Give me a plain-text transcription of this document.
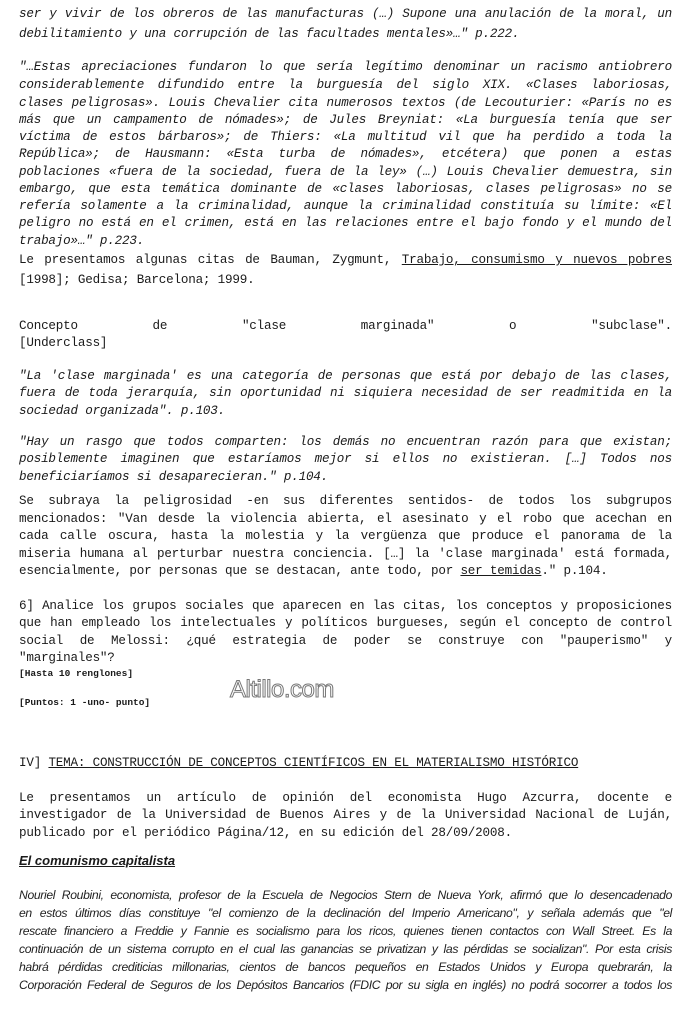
ser y vivir de los obreros de las manufacturas (…) Supone una anulación de la moral, un
debilitamiento y una corrupción de las facultades mentales»…" p.222.
"…Estas apreciaciones fundaron lo que sería legítimo denominar un racismo antiobrero
considerablemente difundido entre la burguesía del siglo XIX. «Clases laboriosas,
clases peligrosas». Louis Chevalier cita numerosos textos (de Lecouturier: «París no es
más que un campamento de nómades»; de Jules Breyniat: «La burguesía tenía que ser
víctima de estos bárbaros»; de Thiers: «La multitud vil que ha perdido a toda la
República»; de Hausmann: «Esta turba de nómades», etcétera) que ponen a estas
poblaciones «fuera de la sociedad, fuera de la ley» (…) Louis Chevalier demuestra, sin
embargo, que esta temática dominante de «clases laboriosas, clases peligrosas» no se
refería solamente a la criminalidad, aunque la criminalidad constituía su límite: «El
peligro no está en el crimen, está en las relaciones entre el bajo fondo y el mundo del
trabajo»…" p.223.
Le presentamos algunas citas de Bauman, Zygmunt, Trabajo, consumismo y nuevos pobres
[1998]; Gedisa; Barcelona; 1999.
Concepto de "clase marginada" o "subclase".
[Underclass]
"La 'clase marginada' es una categoría de personas que está por debajo de las clases,
fuera de toda jerarquía, sin oportunidad ni siquiera necesidad de ser readmitida en la
sociedad organizada". p.103.
"Hay un rasgo que todos comparten: los demás no encuentran razón para que existan;
posiblemente imaginen que estaríamos mejor si ellos no existieran. […] Todos nos
beneficiaríamos si desaparecieran." p.104.
Se subraya la peligrosidad -en sus diferentes sentidos- de todos los subgrupos
mencionados: "Van desde la violencia abierta, el asesinato y el robo que acechan en
cada calle oscura, hasta la molestia y la vergüenza que produce el panorama de la
miseria humana al perturbar nuestra conciencia. […] la 'clase marginada' está formada,
esencialmente, por personas que se destacan, ante todo, por ser temidas." p.104.
6] Analice los grupos sociales que aparecen en las citas, los conceptos y proposiciones
que han empleado los intelectuales y políticos burgueses, según el concepto de control
social de Melossi: ¿qué estrategia de poder se construye con "pauperismo" y
"marginales"?
[Hasta 10 renglones]
[Puntos: 1 -uno- punto]
IV] TEMA: CONSTRUCCIÓN DE CONCEPTOS CIENTÍFICOS EN EL MATERIALISMO HISTÓRICO
Le presentamos un artículo de opinión del economista Hugo Azcurra, docente e
investigador de la Universidad de Buenos Aires y de la Universidad Nacional de Luján,
publicado por el periódico Página/12, en su edición del 28/09/2008.
El comunismo capitalista
Nouriel Roubini, economista, profesor de la Escuela de Negocios Stern de Nueva York, afirmó que lo desencadenado
en estos últimos días constituye "el comienzo de la declinación del Imperio Americano", y señala además que "el
rescate financiero a Freddie y Fannie es socialismo para los ricos, quienes tienen contactos con Wall Street. Es la
continuación de un sistema corrupto en el cual las ganancias se privatizan y las pérdidas se socializan". Por esta crisis
habrá pérdidas crediticias millonarias, cientos de bancos pequeños en Estados Unidos y Europa quebrarán, la
Corporación Federal de Seguros de los Depósitos Bancarios (FDIC por su sigla en inglés) no podrá socorrer a todos los
Altillo.com
